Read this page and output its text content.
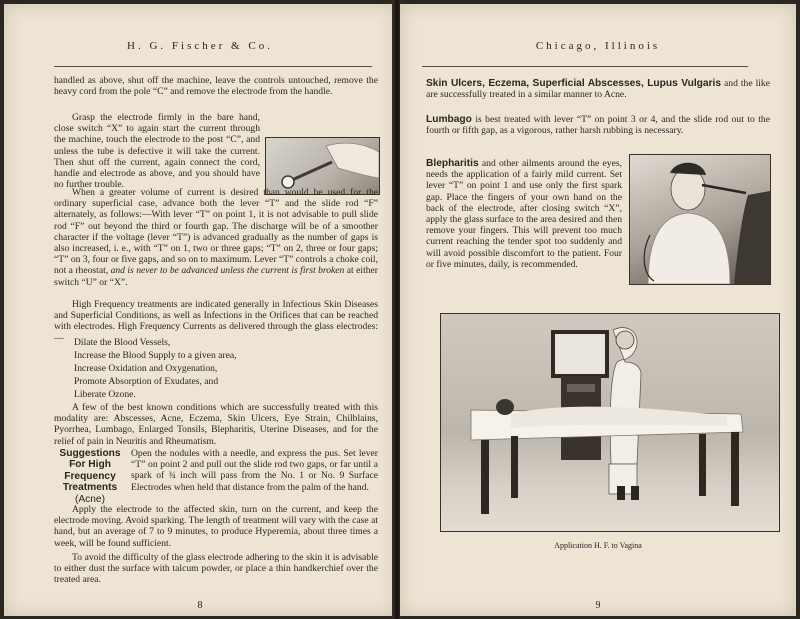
H. G. Fischer & Co.

handled as above, shut off the machine, leave the controls untouched, remove the heavy cord from the pole “C” and remove the electrode from the handle.

Grasp the electrode firmly in the bare hand, close switch “X” to again start the current through the machine, touch the electrode to the post “C”, and unless the tube is defective it will take the current. Then shut off the current, again connect the cord, handle and electrode as above, and you should have no further trouble.

When a greater volume of current is desired than would be used for the ordinary superficial case, advance both the lever “T” and the slide rod “F” alternately, as follows:—With lever “T” on point 1, it is not advisable to pull slide rod “F” out beyond the third or fourth gap. The discharge will be of a smoother character if the voltage (lever “T”) is advanced gradually as the number of gaps is also increased, i. e., with “T” on 1, two or three gaps; “T” on 2, three or four gaps; “T” on 3, four or five gaps, and so on to maximum. Lever “T” controls a choke coil, not a rheostat, and is never to be advanced unless the current is first broken at either switch “U” or “X”.

High Frequency treatments are indicated generally in Infectious Skin Diseases and Superficial Conditions, as well as Infections in the Orifices that can be reached with electrodes. High Frequency Currents as delivered through the glass electrodes:—	Dilate the Blood Vessels,
Increase the Blood Supply to a given area,
Increase Oxidation and Oxygenation,
Promote Absorption of Exudates, and
Liberate Ozone.

A few of the best known conditions which are successfully treated with this modality are: Abscesses, Acne, Eczema, Skin Ulcers, Eye Strain, Chilblains, Pyorrhea, Lumbago, Enlarged Tonsils, Blepharitis, Uterine Diseases, and for the relief of pain in Neuritis and Rheumatism.

Suggestions
For High
Frequency
Treatments
(Acne)

Open the nodules with a needle, and express the pus. Set lever “T” on point 2 and pull out the slide rod two gaps, or far until a spark of ¾ inch will pass from the No. 1 or No. 9 Surface Electrodes when held that distance from the palm of the hand.

Apply the electrode to the affected skin, turn on the current, and keep the electrode moving. Avoid sparking. The length of treatment will vary with the case at hand, but an average of 7 to 9 minutes, to produce Hyperemia, about three times a week, will be found sufficient.

To avoid the difficulty of the glass electrode adhering to the skin it is advisable to either dust the surface with talcum powder, or place a thin handkerchief over the treated area.

8
Chicago, Illinois

Skin Ulcers, Eczema, Superficial Abscesses, Lupus Vulgaris and the like are successfully treated in a similar manner to Acne.

Lumbago is best treated with lever “T” on point 3 or 4, and the slide rod out to the fourth or fifth gap, as a vigorous, rather harsh rubbing is necessary.

Blepharitis and other ailments around the eyes, needs the application of a fairly mild current. Set lever “T” on point 1 and use only the first spark gap. Place the fingers of your own hand on the back of the electrode, after closing switch “X”, apply the glass surface to the area desired and then remove your fingers. This will prevent too much current reaching the tender spot too suddenly and will avoid possible discomfort to the patient. Four or five minutes, daily, is recommended.

Application H. F. to Vagina
9
